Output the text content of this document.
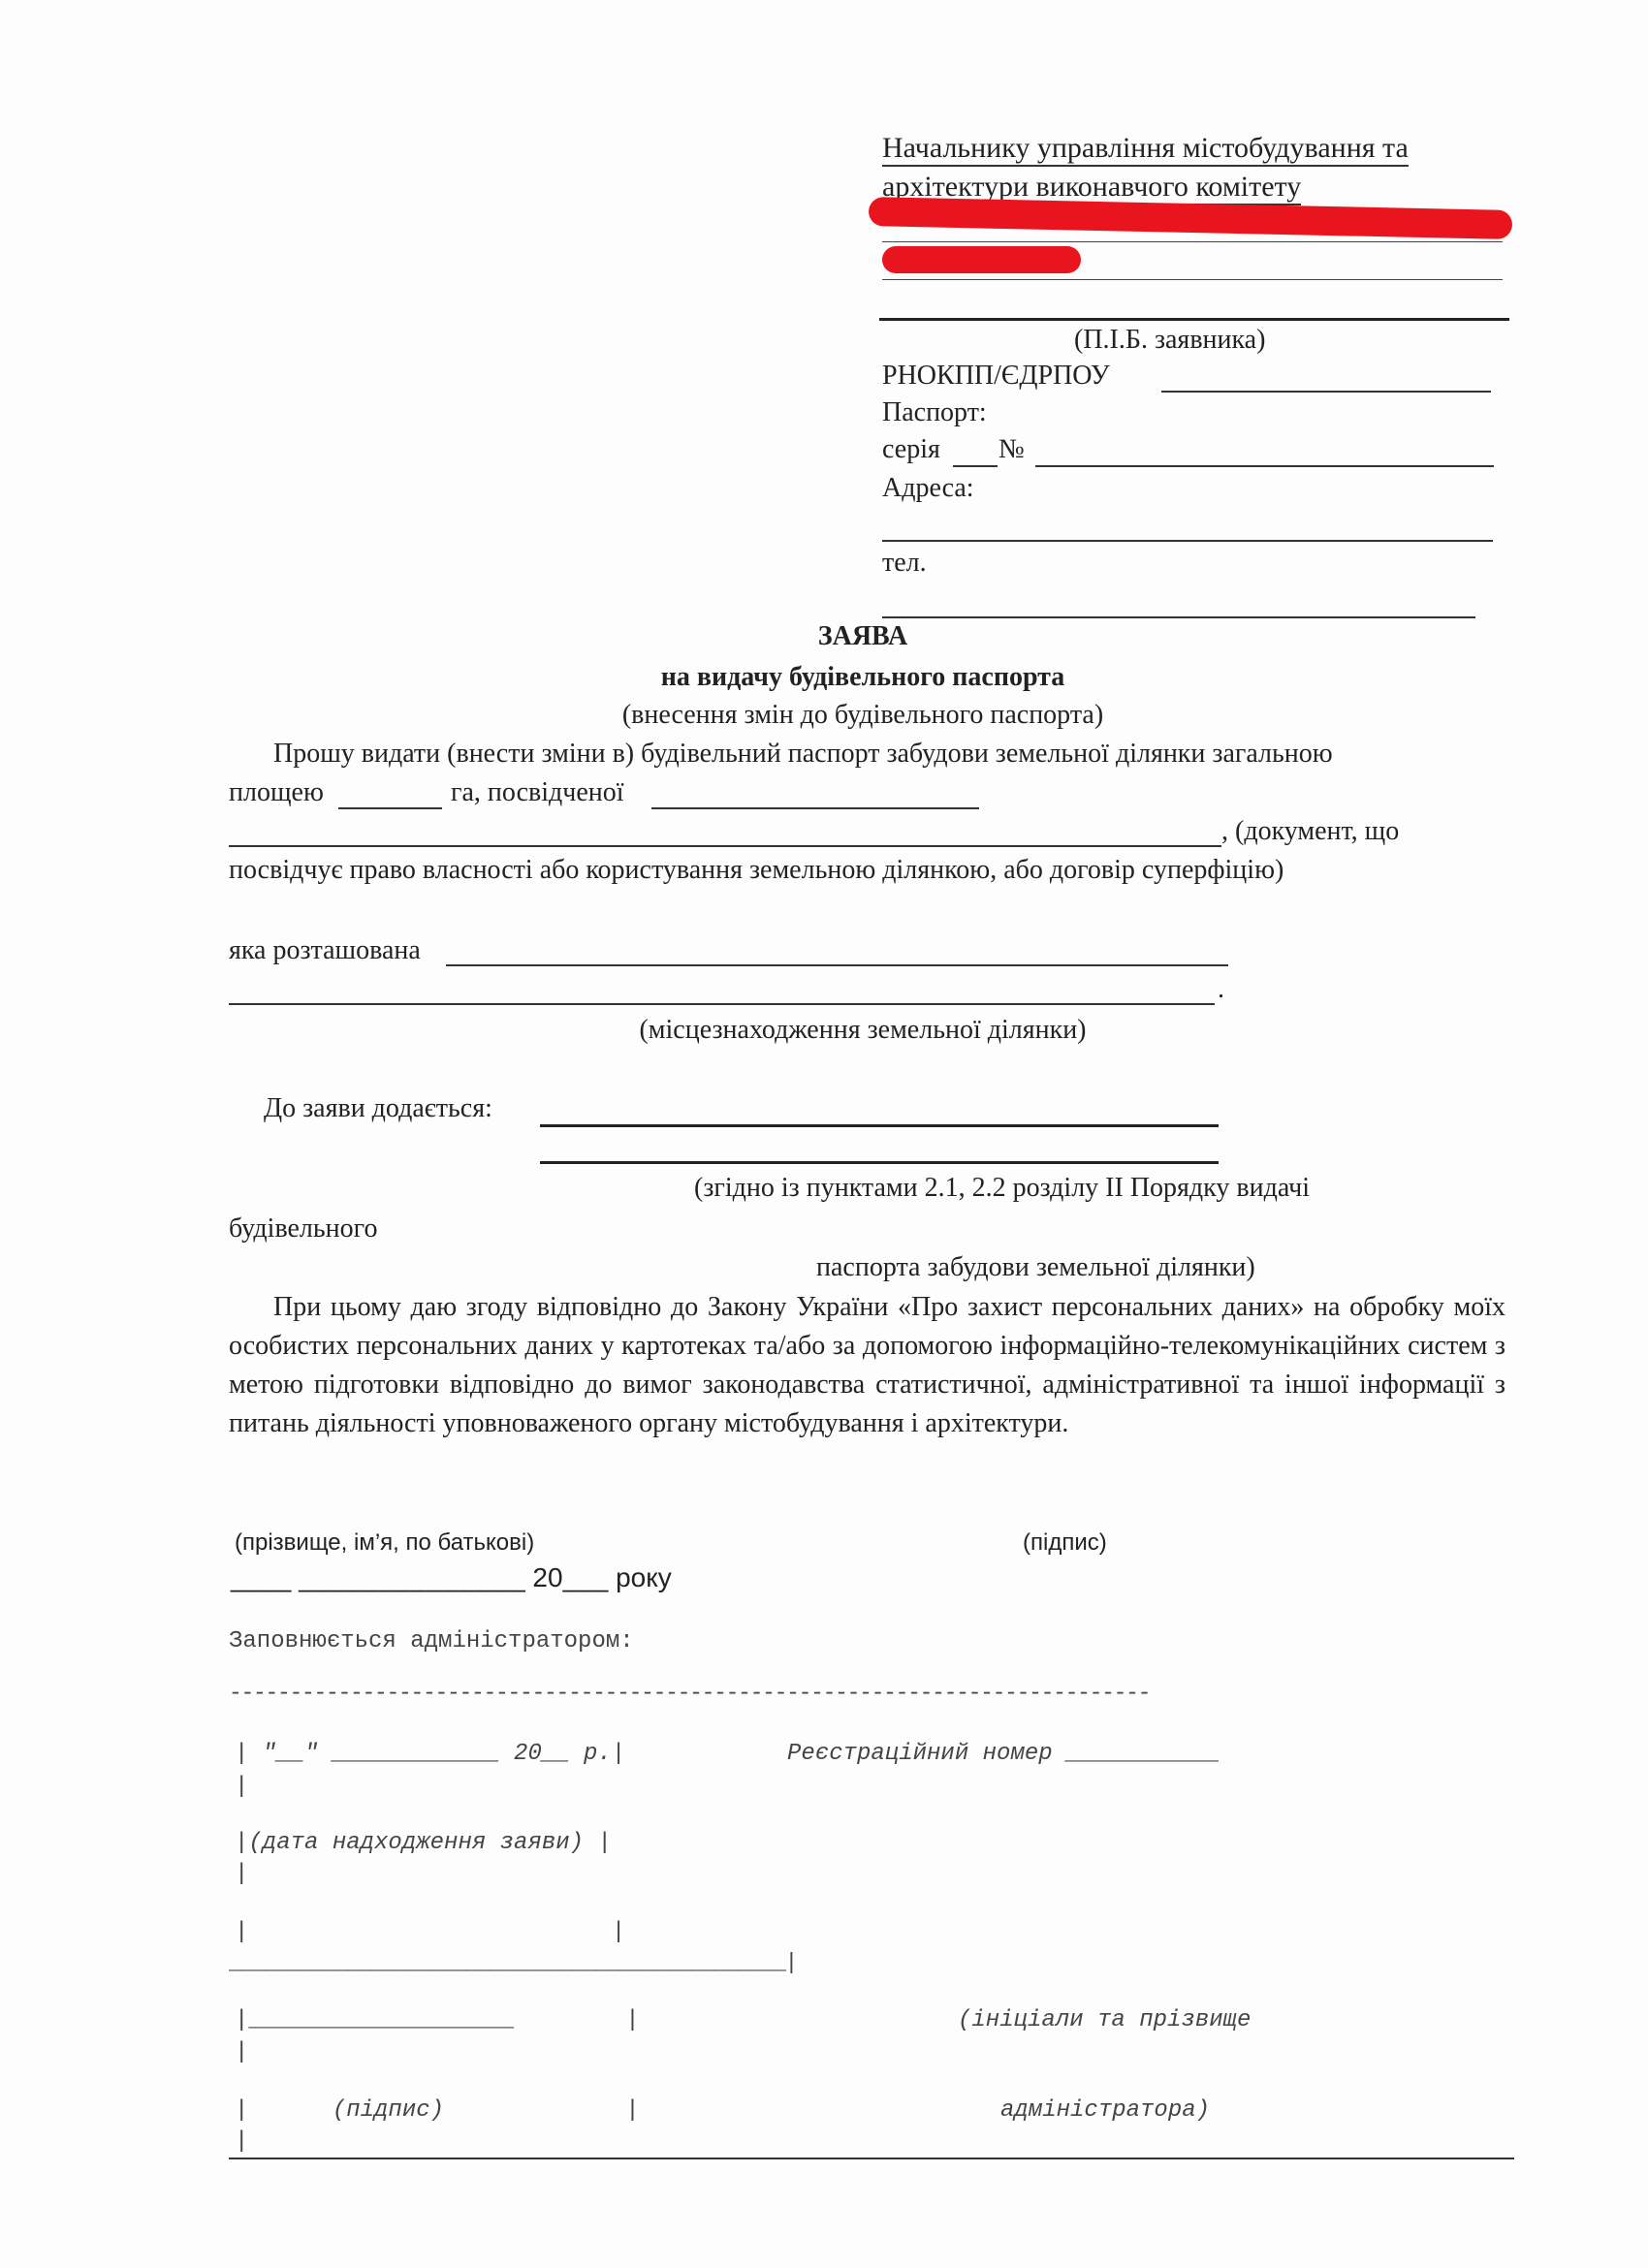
Начальнику управління містобудування та
архітектури виконавчого комітету
(П.І.Б. заявника)
РНОКПП/ЄДРПОУ
Паспорт:
серія №
Адреса:
тел.
ЗАЯВА
на видачу будівельного паспорта
(внесення змін до будівельного паспорта)
Прошу видати (внести зміни в) будівельний паспорт забудови земельної ділянки загальною
площею	га, посвідченої
, (документ, що
посвідчує право власності або користування земельною ділянкою, або договір суперфіцію)
яка розташована
.
(місцезнаходження земельної ділянки)
До заяви додається:
(згідно із пунктами 2.1, 2.2 розділу ІІ Порядку видачі
будівельного
паспорта забудови земельної ділянки)
При цьому даю згоду відповідно до Закону України «Про захист персональних даних» на обробку моїх особистих персональних даних у картотеках та/або за допомогою інформаційно-телекомунікаційних систем з метою підготовки відповідно до вимог законодавства статистичної, адміністративної та іншої інформації з питань діяльності уповноваженого органу містобудування і архітектури.
(прізвище, ім’я, по батькові)	(підпис)
____ _______________ 20___ року
Заповнюється адміністратором:
----------------------------------------------------------------------------
| "__" ____________ 20__ р.|	Реєстраційний номер ___________
|
|(дата надходження заяви) |
|
|                          |
_______________________________________________|
|___________________        |	(ініціали та прізвище
|
|      (підпис)             |	адміністратора)
|
